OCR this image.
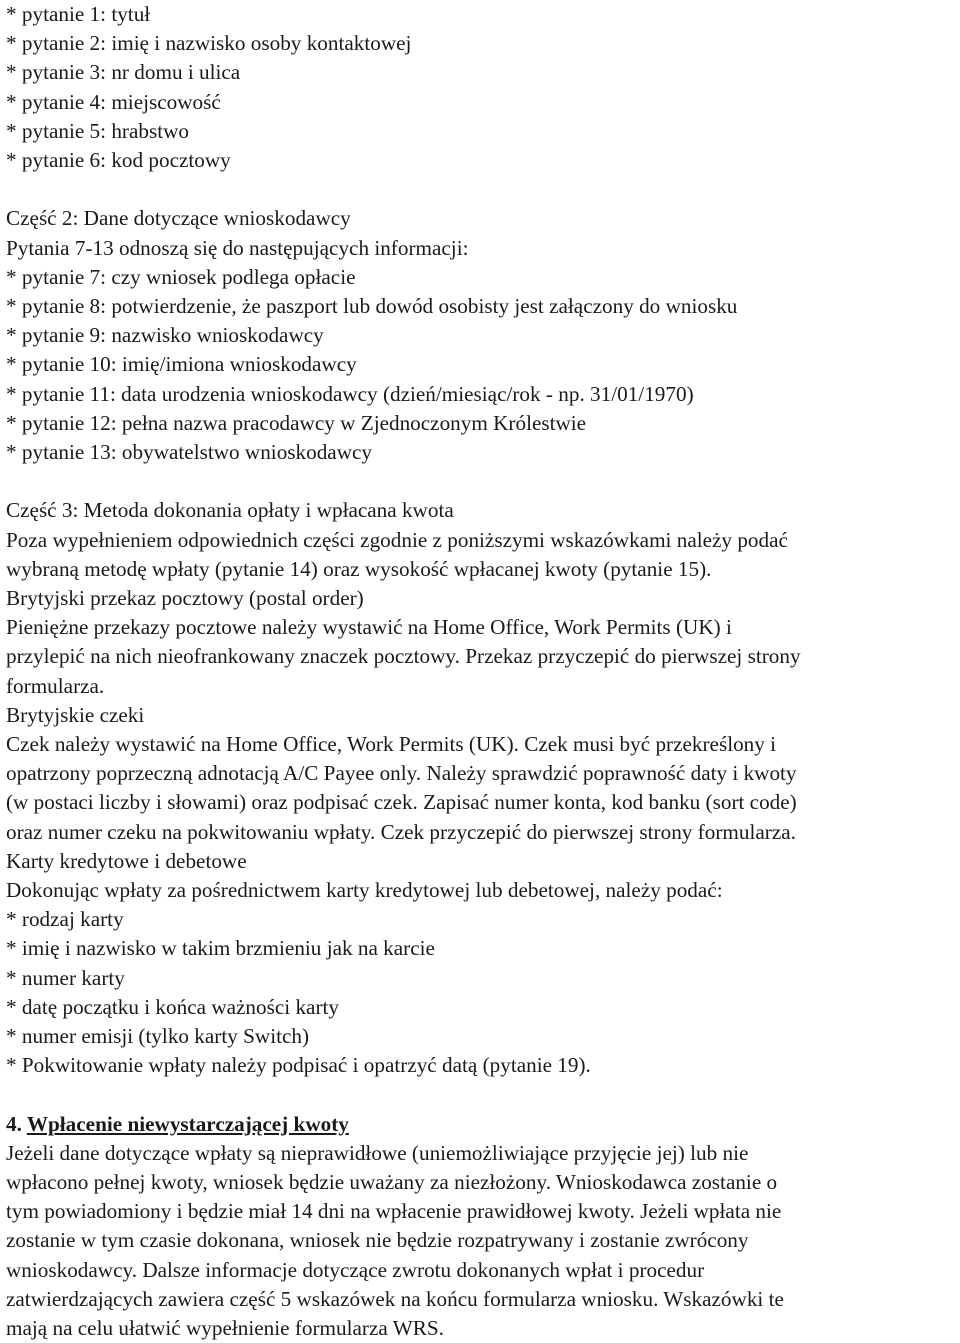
* pytanie 1: tytuł
* pytanie 2: imię i nazwisko osoby kontaktowej
* pytanie 3: nr domu i ulica
* pytanie 4: miejscowość
* pytanie 5: hrabstwo
* pytanie 6: kod pocztowy
Część 2: Dane dotyczące wnioskodawcy
Pytania 7-13 odnoszą się do następujących informacji:
* pytanie 7: czy wniosek podlega opłacie
* pytanie 8: potwierdzenie, że paszport lub dowód osobisty jest załączony do wniosku
* pytanie 9: nazwisko wnioskodawcy
* pytanie 10: imię/imiona wnioskodawcy
* pytanie 11: data urodzenia wnioskodawcy (dzień/miesiąc/rok - np. 31/01/1970)
* pytanie 12: pełna nazwa pracodawcy w Zjednoczonym Królestwie
* pytanie 13: obywatelstwo wnioskodawcy
Część 3: Metoda dokonania opłaty i wpłacana kwota
Poza wypełnieniem odpowiednich części zgodnie z poniższymi wskazówkami należy podać
wybraną metodę wpłaty (pytanie 14) oraz wysokość wpłacanej kwoty (pytanie 15).
Brytyjski przekaz pocztowy (postal order)
Pieniężne przekazy pocztowe należy wystawić na Home Office, Work Permits (UK) i
przylepić na nich nieofrankowany znaczek pocztowy. Przekaz przyczepić do pierwszej strony
formularza.
Brytyjskie czeki
Czek należy wystawić na Home Office, Work Permits (UK). Czek musi być przekreślony i
opatrzony poprzeczną adnotacją A/C Payee only. Należy sprawdzić poprawność daty i kwoty
(w postaci liczby i słowami) oraz podpisać czek. Zapisać numer konta, kod banku (sort code)
oraz numer czeku na pokwitowaniu wpłaty. Czek przyczepić do pierwszej strony formularza.
Karty kredytowe i debetowe
Dokonując wpłaty za pośrednictwem karty kredytowej lub debetowej, należy podać:
* rodzaj karty
* imię i nazwisko w takim brzmieniu jak na karcie
* numer karty
* datę początku i końca ważności karty
* numer emisji (tylko karty Switch)
* Pokwitowanie wpłaty należy podpisać i opatrzyć datą (pytanie 19).
4. Wpłacenie niewystarczającej kwoty
Jeżeli dane dotyczące wpłaty są nieprawidłowe (uniemożliwiające przyjęcie jej) lub nie
wpłacono pełnej kwoty, wniosek będzie uważany za niezłożony. Wnioskodawca zostanie o
tym powiadomiony i będzie miał 14 dni na wpłacenie prawidłowej kwoty. Jeżeli wpłata nie
zostanie w tym czasie dokonana, wniosek nie będzie rozpatrywany i zostanie zwrócony
wnioskodawcy. Dalsze informacje dotyczące zwrotu dokonanych wpłat i procedur
zatwierdzających zawiera część 5 wskazówek na końcu formularza wniosku. Wskazówki te
mają na celu ułatwić wypełnienie formularza WRS.
